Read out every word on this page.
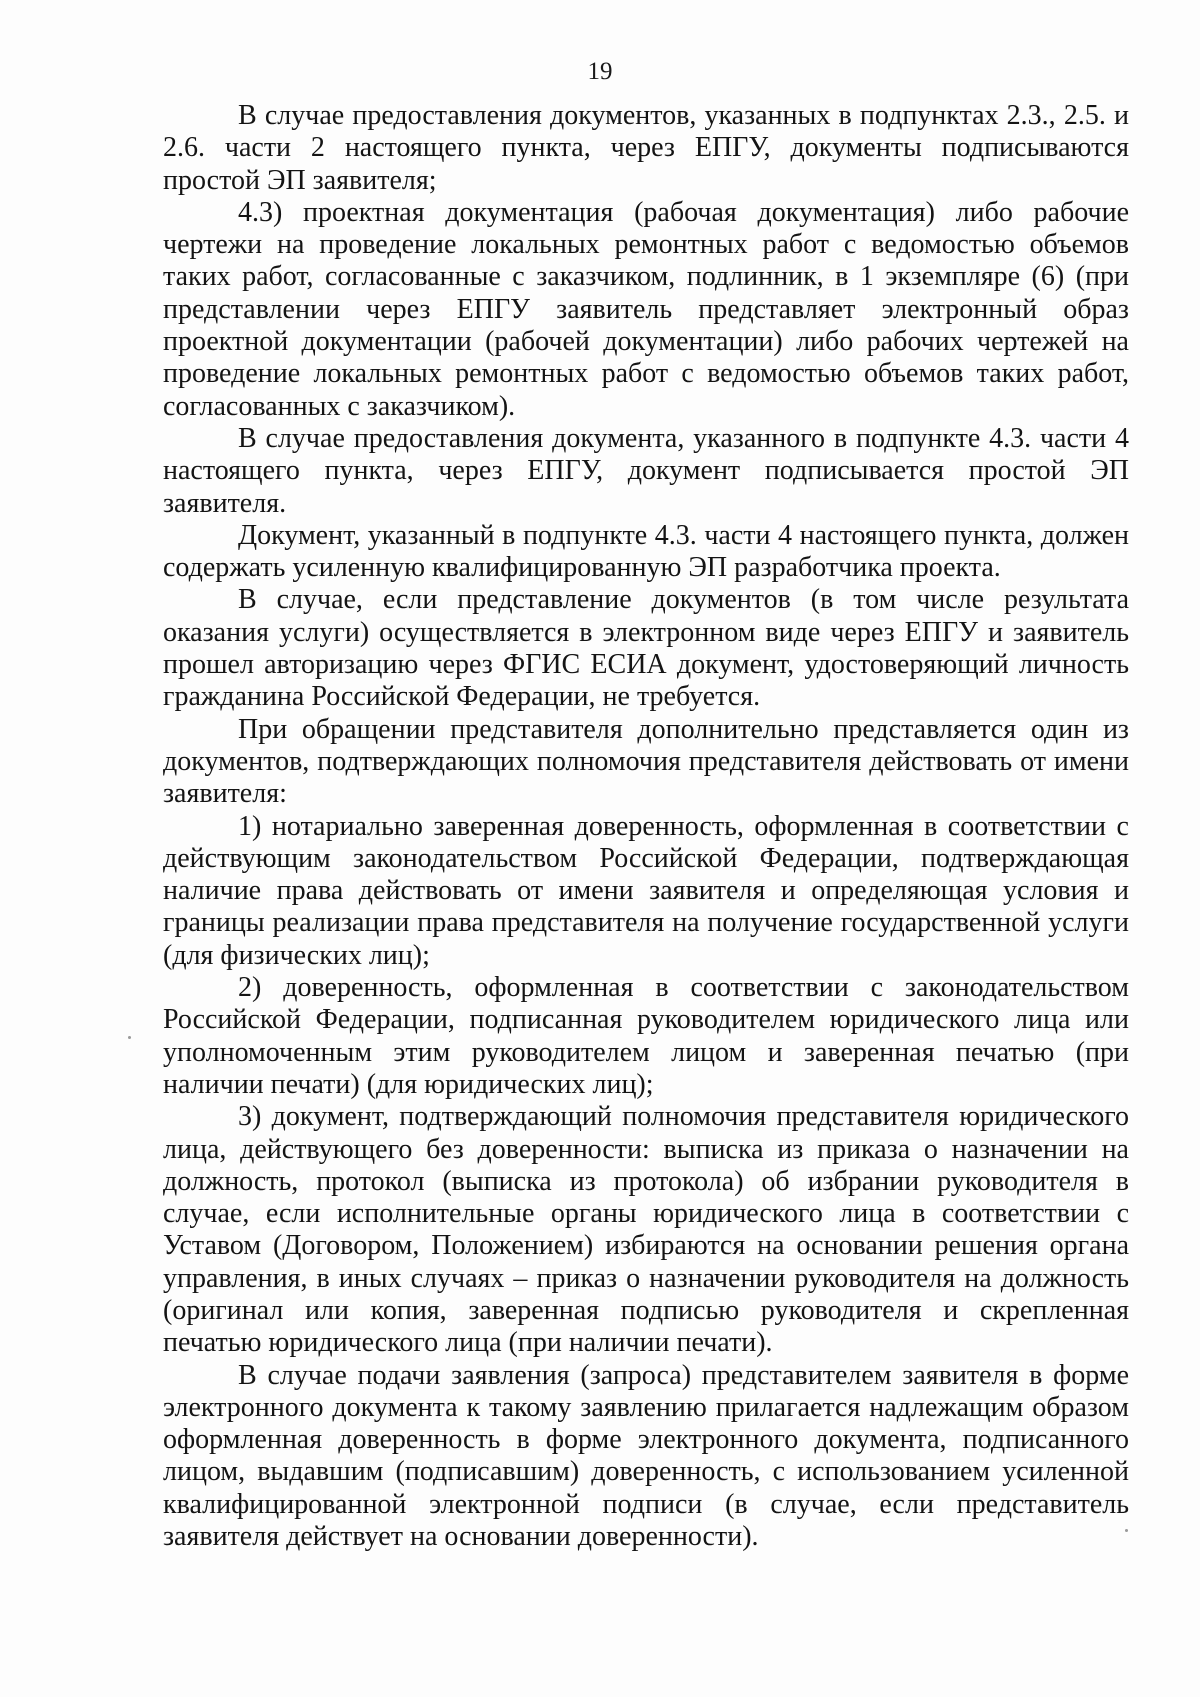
19

В случае предоставления документов, указанных в подпунктах 2.3., 2.5. и 2.6. части 2 настоящего пункта, через ЕПГУ, документы подписываются простой ЭП заявителя;

4.3) проектная документация (рабочая документация) либо рабочие чертежи на проведение локальных ремонтных работ с ведомостью объемов таких работ, согласованные с заказчиком, подлинник, в 1 экземпляре (6) (при представлении через ЕПГУ заявитель представляет электронный образ проектной документации (рабочей документации) либо рабочих чертежей на проведение локальных ремонтных работ с ведомостью объемов таких работ, согласованных с заказчиком).

В случае предоставления документа, указанного в подпункте 4.3. части 4 настоящего пункта, через ЕПГУ, документ подписывается простой ЭП заявителя.

Документ, указанный в подпункте 4.3. части 4 настоящего пункта, должен содержать усиленную квалифицированную ЭП разработчика проекта.

В случае, если представление документов (в том числе результата оказания услуги) осуществляется в электронном виде через ЕПГУ и заявитель прошел авторизацию через ФГИС ЕСИА документ, удостоверяющий личность гражданина Российской Федерации, не требуется.

При обращении представителя дополнительно представляется один из документов, подтверждающих полномочия представителя действовать от имени заявителя:

1) нотариально заверенная доверенность, оформленная в соответствии с действующим законодательством Российской Федерации, подтверждающая наличие права действовать от имени заявителя и определяющая условия и границы реализации права представителя на получение государственной услуги (для физических лиц);

2) доверенность, оформленная в соответствии с законодательством Российской Федерации, подписанная руководителем юридического лица или уполномоченным этим руководителем лицом и заверенная печатью (при наличии печати) (для юридических лиц);

3) документ, подтверждающий полномочия представителя юридического лица, действующего без доверенности: выписка из приказа о назначении на должность, протокол (выписка из протокола) об избрании руководителя в случае, если исполнительные органы юридического лица в соответствии с Уставом (Договором, Положением) избираются на основании решения органа управления, в иных случаях – приказ о назначении руководителя на должность (оригинал или копия, заверенная подписью руководителя и скрепленная печатью юридического лица (при наличии печати).

В случае подачи заявления (запроса) представителем заявителя в форме электронного документа к такому заявлению прилагается надлежащим образом оформленная доверенность в форме электронного документа, подписанного лицом, выдавшим (подписавшим) доверенность, с использованием усиленной квалифицированной электронной подписи (в случае, если представитель заявителя действует на основании доверенности).
